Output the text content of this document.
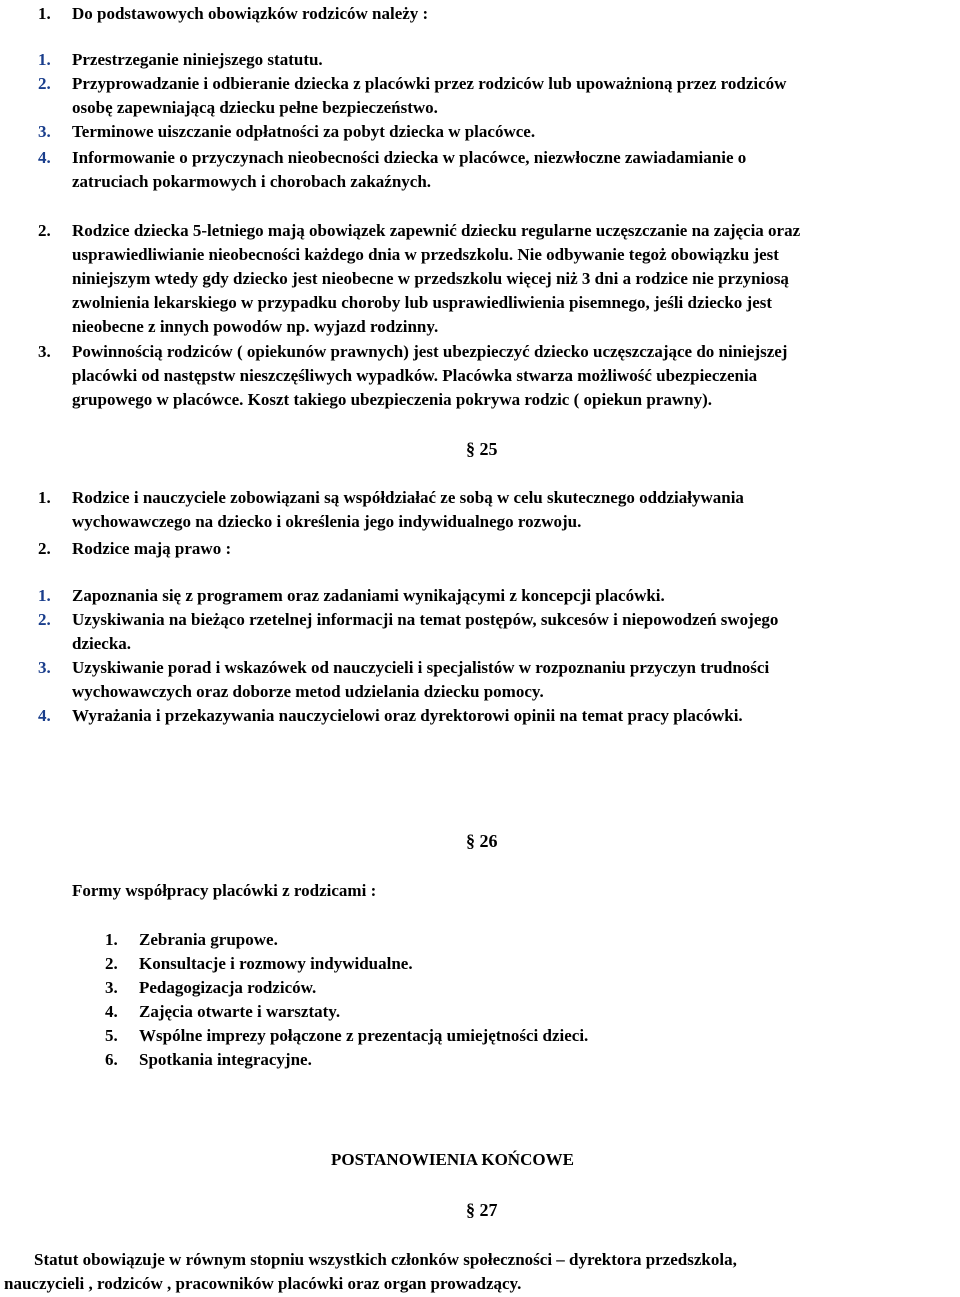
1. Do podstawowych obowiązków rodziców należy :
1. Przestrzeganie niniejszego statutu.
2. Przyprowadzanie i odbieranie dziecka z placówki przez rodziców lub upoważnioną przez rodziców
osobę zapewniającą dziecku pełne bezpieczeństwo.
3. Terminowe uiszczanie odpłatności za pobyt dziecka w placówce.
4. Informowanie o przyczynach nieobecności dziecka w placówce, niezwłoczne zawiadamianie o
zatruciach pokarmowych i chorobach zakaźnych.
2. Rodzice dziecka 5-letniego mają obowiązek zapewnić dziecku regularne uczęszczanie na zajęcia oraz
usprawiedliwianie nieobecności każdego dnia w przedszkolu. Nie odbywanie tegoż obowiązku jest
niniejszym wtedy gdy dziecko jest nieobecne w przedszkolu więcej niż 3 dni a rodzice nie przyniosą
zwolnienia lekarskiego w przypadku choroby lub usprawiedliwienia pisemnego, jeśli dziecko jest
nieobecne z innych powodów np. wyjazd rodzinny.
3. Powinnością rodziców ( opiekunów prawnych) jest ubezpieczyć dziecko uczęszczające do niniejszej
placówki od następstw nieszczęśliwych wypadków. Placówka stwarza możliwość ubezpieczenia
grupowego w placówce. Koszt takiego ubezpieczenia pokrywa rodzic ( opiekun prawny).
§ 25
1. Rodzice i nauczyciele zobowiązani są współdziałać ze sobą w celu skutecznego oddziaływania
wychowawczego na dziecko i określenia jego indywidualnego rozwoju.
2. Rodzice mają prawo :
1. Zapoznania się z programem oraz zadaniami wynikającymi z koncepcji placówki.
2. Uzyskiwania na bieżąco rzetelnej informacji na temat postępów, sukcesów i niepowodzeń swojego
dziecka.
3. Uzyskiwanie porad i wskazówek od nauczycieli i specjalistów w rozpoznaniu przyczyn trudności
wychowawczych oraz doborze metod udzielania dziecku pomocy.
4. Wyrażania i przekazywania nauczycielowi oraz dyrektorowi opinii na temat pracy placówki.
§ 26
Formy współpracy placówki z rodzicami :
1. Zebrania grupowe.
2. Konsultacje i rozmowy indywidualne.
3. Pedagogizacja rodziców.
4. Zajęcia otwarte i warsztaty.
5. Wspólne imprezy połączone z prezentacją umiejętności dzieci.
6. Spotkania integracyjne.
POSTANOWIENIA KOŃCOWE
§ 27
Statut obowiązuje w równym stopniu wszystkich członków społeczności – dyrektora przedszkola,
nauczycieli , rodziców , pracowników placówki oraz organ prowadzący.
